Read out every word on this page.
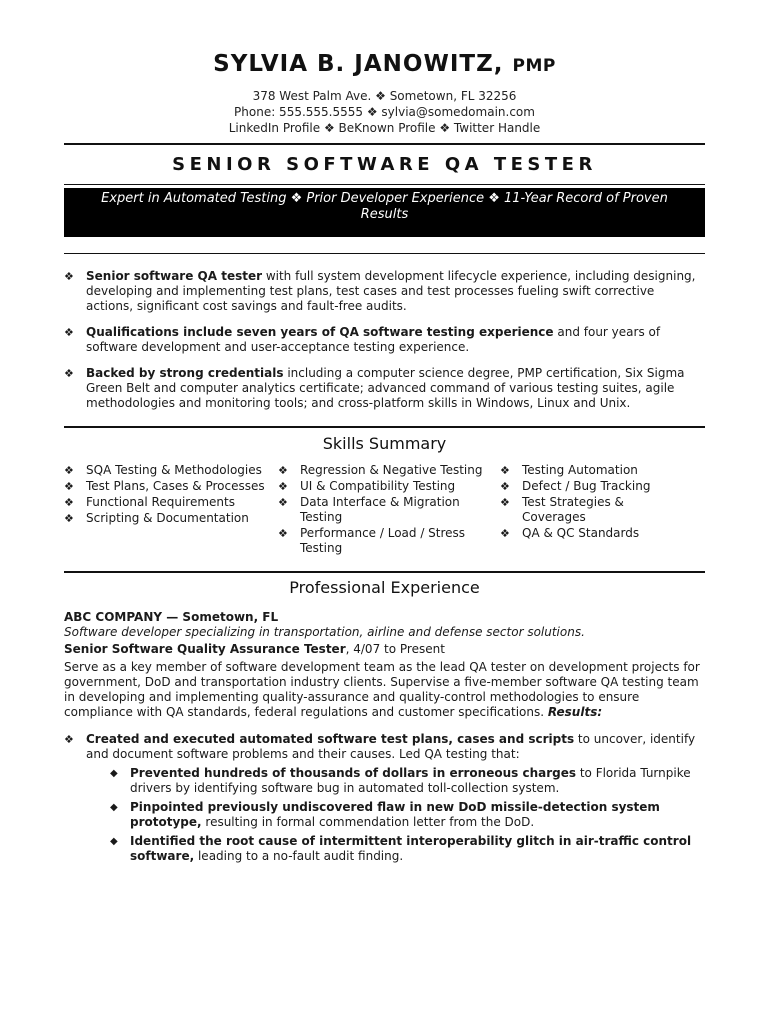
SYLVIA B. JANOWITZ, PMP
378 West Palm Ave. ❖ Sometown, FL 32256
Phone: 555.555.5555 ❖ sylvia@somedomain.com
LinkedIn Profile ❖ BeKnown Profile ❖ Twitter Handle
SENIOR SOFTWARE QA TESTER
Expert in Automated Testing ❖ Prior Developer Experience ❖ 11-Year Record of Proven
Results
❖ Senior software QA tester with full system development lifecycle experience, including designing, developing and implementing test plans, test cases and test processes fueling swift corrective actions, significant cost savings and fault-free audits.
❖ Qualifications include seven years of QA software testing experience and four years of software development and user-acceptance testing experience.
❖ Backed by strong credentials including a computer science degree, PMP certification, Six Sigma Green Belt and computer analytics certificate; advanced command of various testing suites, agile methodologies and monitoring tools; and cross-platform skills in Windows, Linux and Unix.
Skills Summary
❖ SQA Testing & Methodologies
❖ Test Plans, Cases & Processes
❖ Functional Requirements
❖ Scripting & Documentation
❖ Regression & Negative Testing
❖ UI & Compatibility Testing
❖ Data Interface & Migration Testing
❖ Performance / Load / Stress Testing
❖ Testing Automation
❖ Defect / Bug Tracking
❖ Test Strategies & Coverages
❖ QA & QC Standards
Professional Experience
ABC COMPANY — Sometown, FL
Software developer specializing in transportation, airline and defense sector solutions.
Senior Software Quality Assurance Tester, 4/07 to Present
Serve as a key member of software development team as the lead QA tester on development projects for government, DoD and transportation industry clients. Supervise a five-member software QA testing team in developing and implementing quality-assurance and quality-control methodologies to ensure compliance with QA standards, federal regulations and customer specifications. Results:
❖ Created and executed automated software test plans, cases and scripts to uncover, identify and document software problems and their causes. Led QA testing that:
◆ Prevented hundreds of thousands of dollars in erroneous charges to Florida Turnpike drivers by identifying software bug in automated toll-collection system.
◆ Pinpointed previously undiscovered flaw in new DoD missile-detection system prototype, resulting in formal commendation letter from the DoD.
◆ Identified the root cause of intermittent interoperability glitch in air-traffic control software, leading to a no-fault audit finding.
